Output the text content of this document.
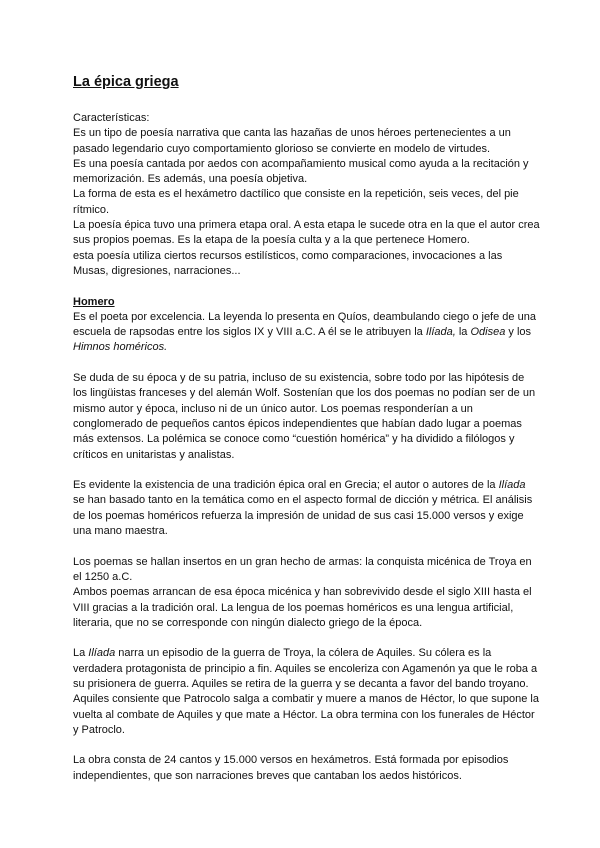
La épica griega

Características:

Es un tipo de poesía narrativa que canta las hazañas de unos héroes pertenecientes a un pasado legendario cuyo comportamiento glorioso se convierte en modelo de virtudes.

Es una poesía cantada por aedos con acompañamiento musical como ayuda a la recitación y memorización. Es además, una poesía objetiva.

La forma de esta es el hexámetro dactílico que consiste en la repetición, seis veces, del pie rítmico.

La poesía épica tuvo una primera etapa oral. A esta etapa le sucede otra en la que el autor crea sus propios poemas. Es la etapa de la poesía culta y a la que pertenece Homero.

esta poesía utiliza ciertos recursos estilísticos, como comparaciones, invocaciones a las Musas, digresiones, narraciones...

Homero

Es el poeta por excelencia. La leyenda lo presenta en Quíos, deambulando ciego o jefe de una escuela de rapsodas entre los siglos IX y VIII a.C. A él se le atribuyen la Ilíada, la Odisea y los Himnos homéricos.

Se duda de su época y de su patria, incluso de su existencia, sobre todo por las hipótesis de los lingüistas franceses y del alemán Wolf. Sostenían que los dos poemas no podían ser de un mismo autor y época, incluso ni de un único autor. Los poemas responderían a un conglomerado de pequeños cantos épicos independientes que habían dado lugar a poemas más extensos. La polémica se conoce como “cuestión homérica” y ha dividido a filólogos y críticos en unitaristas y analistas.

Es evidente la existencia de una tradición épica oral en Grecia; el autor o autores de la Ilíada se han basado tanto en la temática como en el aspecto formal de dicción y métrica. El análisis de los poemas homéricos refuerza la impresión de unidad de sus casi 15.000 versos y exige una mano maestra.

Los poemas se hallan insertos en un gran hecho de armas: la conquista micénica de Troya en el 1250 a.C.

Ambos poemas arrancan de esa época micénica y han sobrevivido desde el siglo XIII hasta el VIII gracias a la tradición oral. La lengua de los poemas homéricos es una lengua artificial, literaria, que no se corresponde con ningún dialecto griego de la época.

La Ilíada narra un episodio de la guerra de Troya, la cólera de Aquiles. Su cólera es la verdadera protagonista de principio a fin. Aquiles se encoleriza con Agamenón ya que le roba a su prisionera de guerra. Aquiles se retira de la guerra y se decanta a favor del bando troyano. Aquiles consiente que Patrocolo salga a combatir y muere a manos de Héctor, lo que supone la vuelta al combate de Aquiles y que mate a Héctor. La obra termina con los funerales de Héctor y Patroclo.

La obra consta de 24 cantos y 15.000 versos en hexámetros. Está formada por episodios independientes, que son narraciones breves que cantaban los aedos históricos.
